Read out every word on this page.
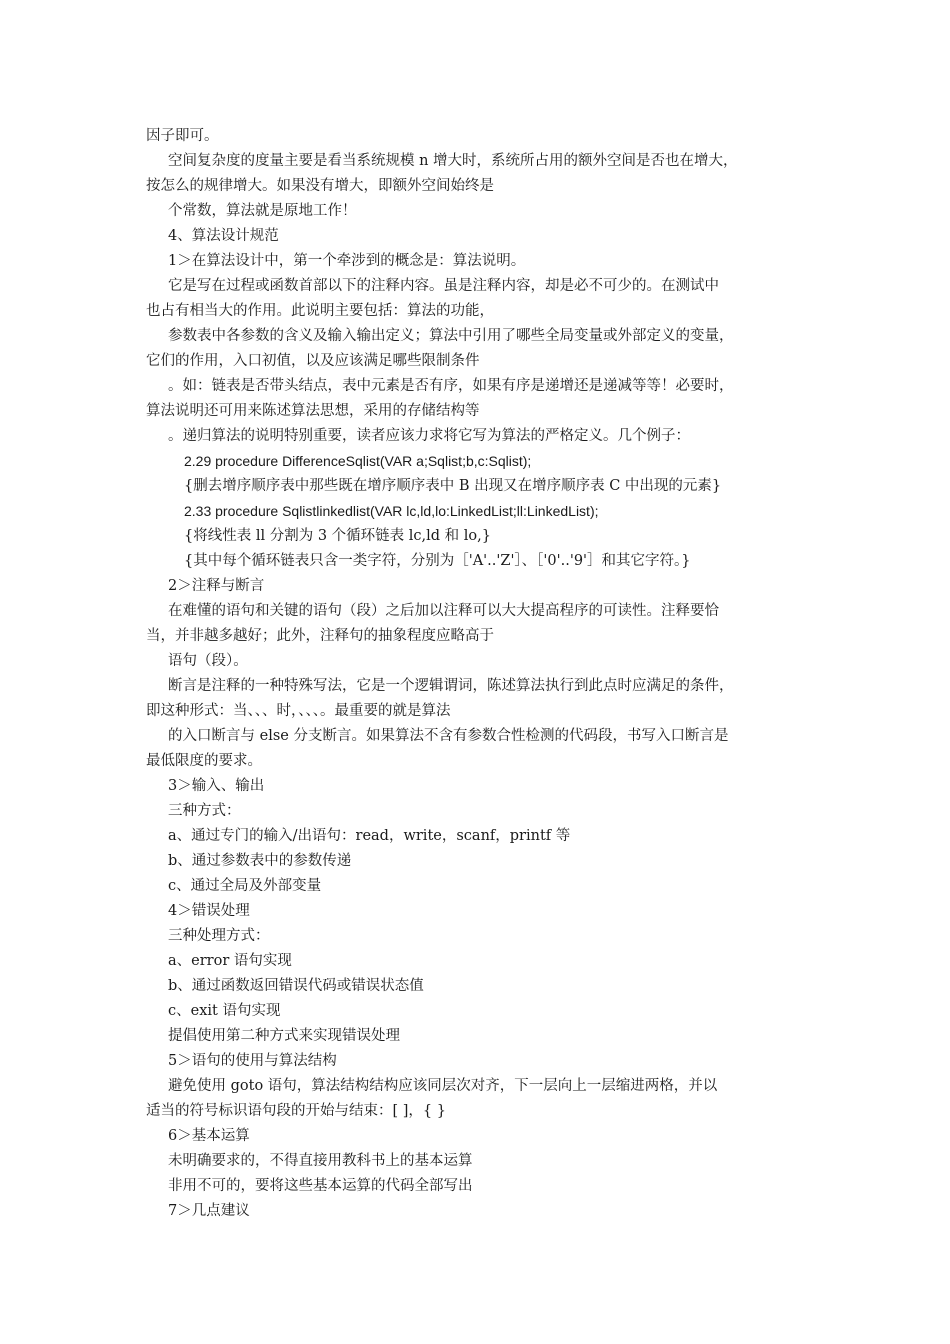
因子即可。
空间复杂度的度量主要是看当系统规模 n 增大时，系统所占用的额外空间是否也在增大，
按怎么的规律增大。如果没有增大，即额外空间始终是
个常数，算法就是原地工作！
4、算法设计规范
1＞在算法设计中，第一个牵涉到的概念是：算法说明。
它是写在过程或函数首部以下的注释内容。虽是注释内容，却是必不可少的。在测试中
也占有相当大的作用。此说明主要包括：算法的功能，
参数表中各参数的含义及输入输出定义；算法中引用了哪些全局变量或外部定义的变量，
它们的作用，入口初值，以及应该满足哪些限制条件
。如：链表是否带头结点，表中元素是否有序，如果有序是递增还是递减等等！必要时，
算法说明还可用来陈述算法思想，采用的存储结构等
。递归算法的说明特别重要，读者应该力求将它写为算法的严格定义。几个例子：
2.29 procedure DifferenceSqlist(VAR a;Sqlist;b,c:Sqlist);
{删去增序顺序表中那些既在增序顺序表中 B 出现又在增序顺序表 C 中出现的元素}
2.33 procedure Sqlistlinkedlist(VAR lc,ld,lo:LinkedList;ll:LinkedList);
{将线性表 ll 分割为 3 个循环链表 lc,ld 和 lo,}
{其中每个循环链表只含一类字符，分别为［'A'..'Z'］、［'0'..'9'］和其它字符。}
2＞注释与断言
在难懂的语句和关键的语句（段）之后加以注释可以大大提高程序的可读性。注释要恰
当，并非越多越好；此外，注释句的抽象程度应略高于
语句（段）。
断言是注释的一种特殊写法，它是一个逻辑谓词，陈述算法执行到此点时应满足的条件，
即这种形式：当、、、时，、、、。最重要的就是算法
的入口断言与 else 分支断言。如果算法不含有参数合性检测的代码段，书写入口断言是
最低限度的要求。
3＞输入、输出
三种方式：
a、通过专门的输入/出语句：read，write，scanf，printf 等
b、通过参数表中的参数传递
c、通过全局及外部变量
4＞错误处理
三种处理方式：
a、error 语句实现
b、通过函数返回错误代码或错误状态值
c、exit 语句实现
提倡使用第二种方式来实现错误处理
5＞语句的使用与算法结构
避免使用 goto 语句，算法结构结构应该同层次对齐，下一层向上一层缩进两格，并以
适当的符号标识语句段的开始与结束：[ ]，{ }
6＞基本运算
未明确要求的，不得直接用教科书上的基本运算
非用不可的，要将这些基本运算的代码全部写出
7＞几点建议
